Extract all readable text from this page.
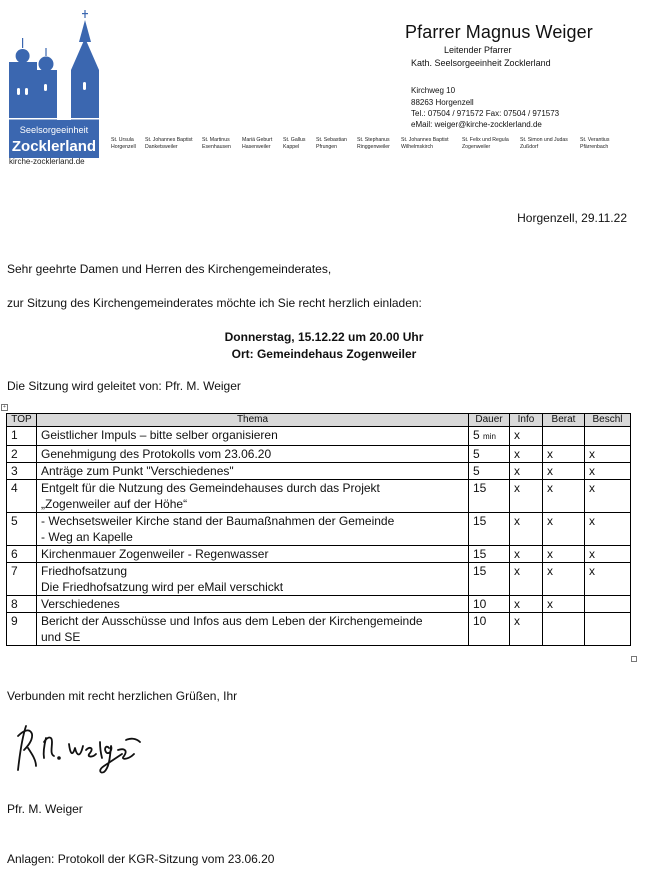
Seelsorgeeinheit
Zocklerland
kirche-zocklerland.de
Pfarrer Magnus Weiger
Leitender Pfarrer
Kath. Seelsorgeeinheit Zocklerland
Kirchweg 10
88263 Horgenzell
Tel.: 07504 / 971572 Fax: 07504 / 971573
eMail: weiger@kirche-zocklerland.de
St. Ursula
Horgenzell
St. Johannes Baptist
Danketsweiler
St. Martinus
Esenhausen
Mariä Geburt
Hasenweiler
St. Gallus
Kappel
St. Sebastian
Pfrungen
St. Stephanus
Ringgenweiler
St. Johannes Baptist
Wilhelmskirch
St. Felix und Regula
Zogenweiler
St. Simon und Judas
Zußdorf
St. Verantius
Pfärrenbach
Horgenzell, 29.11.22
Sehr geehrte Damen und Herren des Kirchengemeinderates,
zur Sitzung des Kirchengemeinderates möchte ich Sie recht herzlich einladen:
Donnerstag, 15.12.22 um 20.00 Uhr
Ort: Gemeindehaus Zogenweiler
Die Sitzung wird geleitet von: Pfr. M. Weiger
+
TOP	Thema	Dauer	Info	Berat	Beschl
1	Geistlicher Impuls – bitte selber organisieren	5 min	x		
2	Genehmigung des Protokolls vom 23.06.20	5	x	x	x
3	Anträge zum Punkt "Verschiedenes"	5	x	x	x
4	Entgelt für die Nutzung des Gemeindehauses durch das Projekt
„Zogenweiler auf der Höhe“	15	x	x	x
5	- Wechsetsweiler Kirche stand der Baumaßnahmen der Gemeinde
- Weg an Kapelle	15	x	x	x
6	Kirchenmauer Zogenweiler - Regenwasser	15	x	x	x
7	Friedhofsatzung
Die Friedhofsatzung wird per eMail verschickt	15	x	x	x
8	Verschiedenes	10	x	x	
9	Bericht der Ausschüsse und Infos aus dem Leben der Kirchengemeinde
und SE	10	x		
Verbunden mit recht herzlichen Grüßen, Ihr
Pfr. M. Weiger
Anlagen: Protokoll der KGR-Sitzung vom 23.06.20
